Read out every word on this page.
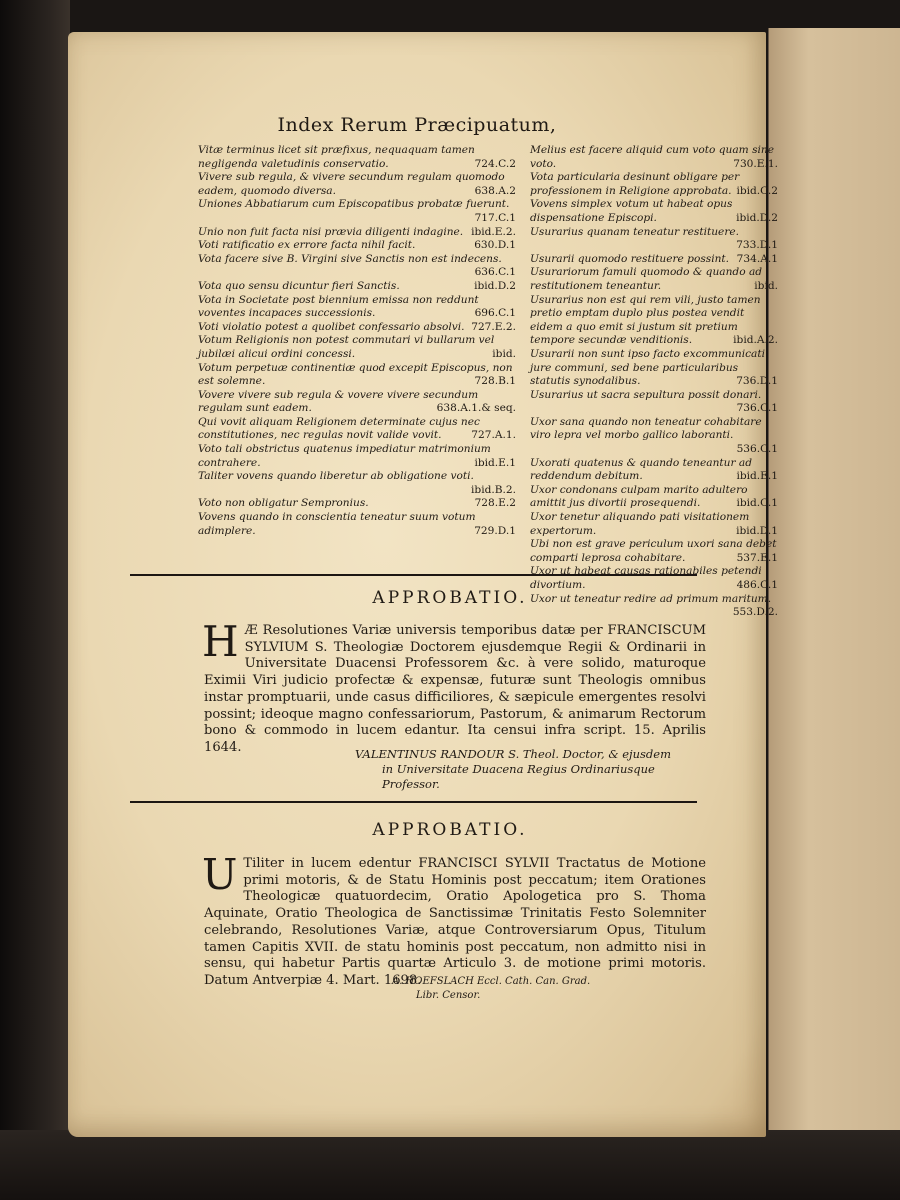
Index Rerum Præcipuatum,

Vitæ terminus licet sit præfixus, nequaquam tamen negligenda valetudinis conservatio.	724.C.2

Vivere sub regula, & vivere secundum regulam quomodo eadem, quomodo diversa.	638.A.2

Uniones Abbatiarum cum Episcopatibus probatæ fuerunt.
717.C.1

Unio non fuit facta nisi prævia diligenti indagine. ibid.E.2.

Voti ratificatio ex errore facta nihil facit.	630.D.1

Vota facere sive B. Virgini sive Sanctis non est indecens.
636.C.1

Vota quo sensu dicuntur fieri Sanctis.	ibid.D.2

Vota in Societate post biennium emissa non reddunt voventes incapaces successionis.	696.C.1

Voti violatio potest a quolibet confessario absolvi. 727.E.2.

Votum Religionis non potest commutari vi bullarum vel jubilæi alicui ordini concessi.	ibid.

Votum perpetuæ continentiæ quod excepit Episcopus, non est solemne.	728.B.1

Vovere vivere sub regula & vovere vivere secundum regulam sunt eadem.	638.A.1.& seq.

Qui vovit aliquam Religionem determinate cujus nec constitutiones, nec regulas novit valide vovit.	727.A.1.

Voto tali obstrictus quatenus impediatur matrimonium contrahere.	ibid.E.1

Taliter vovens quando liberetur ab obligatione voti.
ibid.B.2.

Voto non obligatur Sempronius.	728.E.2

Vovens quando in conscientia teneatur suum votum adimplere.	729.D.1

Melius est facere aliquid cum voto quam sine voto.	730.E.1.

Vota particularia desinunt obligare per professionem in Religione approbata. ibid.C.2

Vovens simplex votum ut habeat opus dispensatione Episcopi.	ibid.D.2

Usurarius quanam teneatur restituere.
733.D.1

Usurarii quomodo restituere possint. 734.A.1

Usurariorum famuli quomodo & quando ad restitutionem teneantur.	ibid.

Usurarius non est qui rem vili, justo tamen pretio emptam duplo plus postea vendit eidem a quo emit si justum sit pretium tempore secundæ venditionis.	ibid.A.2.

Usurarii non sunt ipso facto excommunicati jure communi, sed bene particularibus statutis synodalibus.	736.D.1

Usurarius ut sacra sepultura possit donari.
736.C.1

Uxor sana quando non teneatur cohabitare viro lepra vel morbo gallico laboranti.
536.C.1

Uxorati quatenus & quando teneantur ad reddendum debitum.	ibid.E.1

Uxor condonans culpam marito adultero amittit jus divortii prosequendi.	ibid.C.1

Uxor tenetur aliquando pati visitationem expertorum.	ibid.D.1

Ubi non est grave periculum uxori sana debet comparti leprosa cohabitare.	537.E.1

Uxor ut habeat causas rationabiles petendi divortium.	486.C.1

Uxor ut teneatur redire ad primum maritum.
553.D.2.

APPROBATIO.
H Æ Resolutiones Variæ universis temporibus datæ per FRANCISCUM SYLVIUM S. Theologiæ Doctorem ejusdemque Regii & Ordinarii in Universitate Duacensi Professorem &c. à vere solido, maturoque Eximii Viri judicio profectæ & expensæ, futuræ sunt Theologis omnibus instar promptuarii, unde casus difficiliores, & sæpicule emergentes resolvi possint; ideoque magno confessariorum, Pastorum, & animarum Rectorum bono & commodo in lucem edantur. Ita censui infra script. 15. Aprilis 1644.	VALENTINUS RANDOUR S. Theol. Doctor, & ejusdem
in Universitate Duacena Regius Ordinariusque Professor.
APPROBATIO.
U Tiliter in lucem edentur FRANCISCI SYLVII Tractatus de Motione primi motoris, & de Statu Hominis post peccatum; item Orationes Theologicæ quatuordecim, Oratio Apologetica pro S. Thoma Aquinate, Oratio Theologica de Sanctissimæ Trinitatis Festo Solemniter celebrando, Resolutiones Variæ, atque Controversiarum Opus, Titulum tamen Capitis XVII. de statu hominis post peccatum, non admitto nisi in sensu, qui habetur Partis quartæ Articulo 3. de motione primi motoris. Datum Antverpiæ 4. Mart. 1698.
A. HOEFSLACH Eccl. Cath. Can. Grad.
Libr. Censor.
